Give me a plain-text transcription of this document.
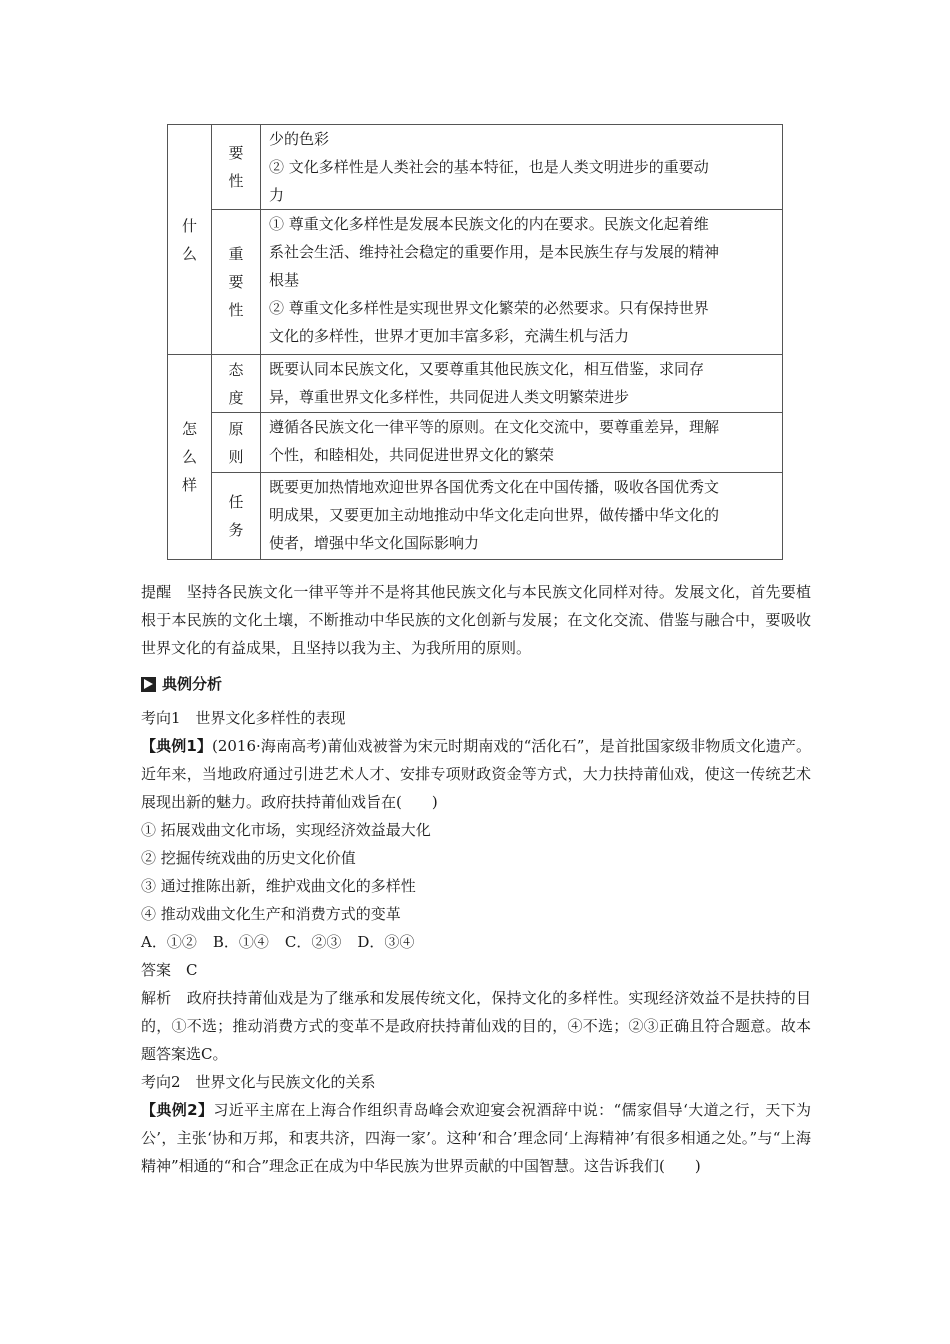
什么	要性	少的色彩
② 文化多样性是人类社会的基本特征，也是人类文明进步的重要动
力

	重要性	① 尊重文化多样性是发展本民族文化的内在要求。民族文化起着维
系社会生活、维持社会稳定的重要作用，是本民族生存与发展的精神
根基
② 尊重文化多样性是实现世界文化繁荣的必然要求。只有保持世界
文化的多样性，世界才更加丰富多彩，充满生机与活力

怎么样	态度	既要认同本民族文化，又要尊重其他民族文化，相互借鉴，求同存
异，尊重世界文化多样性，共同促进人类文明繁荣进步

	原则	遵循各民族文化一律平等的原则。在文化交流中，要尊重差异，理解
个性，和睦相处，共同促进世界文化的繁荣

	任务	既要更加热情地欢迎世界各国优秀文化在中国传播，吸收各国优秀文
明成果，又要更加主动地推动中华文化走向世界，做传播中华文化的
使者，增强中华文化国际影响力

提醒  坚持各民族文化一律平等并不是将其他民族文化与本民族文化同样对待。发展文化，首先要植根于本民族的文化土壤，不断推动中华民族的文化创新与发展；在文化交流、借鉴与融合中，要吸收世界文化的有益成果，且坚持以我为主、为我所用的原则。

典例分析

考向1　世界文化多样性的表现

【典例1】(2016·海南高考)莆仙戏被誉为宋元时期南戏的“活化石”，是首批国家级非物质文化遗产。近年来，当地政府通过引进艺术人才、安排专项财政资金等方式，大力扶持莆仙戏，使这一传统艺术展现出新的魅力。政府扶持莆仙戏旨在(　　)

① 拓展戏曲文化市场，实现经济效益最大化

② 挖掘传统戏曲的历史文化价值

③ 通过推陈出新，维护戏曲文化的多样性

④ 推动戏曲文化生产和消费方式的变革

A．①② B．①④ C．②③ D．③④

答案  C

解析  政府扶持莆仙戏是为了继承和发展传统文化，保持文化的多样性。实现经济效益不是扶持的目的，①不选；推动消费方式的变革不是政府扶持莆仙戏的目的，④不选；②③正确且符合题意。故本题答案选C。

考向2　世界文化与民族文化的关系

【典例2】习近平主席在上海合作组织青岛峰会欢迎宴会祝酒辞中说：“儒家倡导‘大道之行，天下为公’，主张‘协和万邦，和衷共济，四海一家’。这种‘和合’理念同‘上海精神’有很多相通之处。”与“上海精神”相通的“和合”理念正在成为中华民族为世界贡献的中国智慧。这告诉我们(　　)
